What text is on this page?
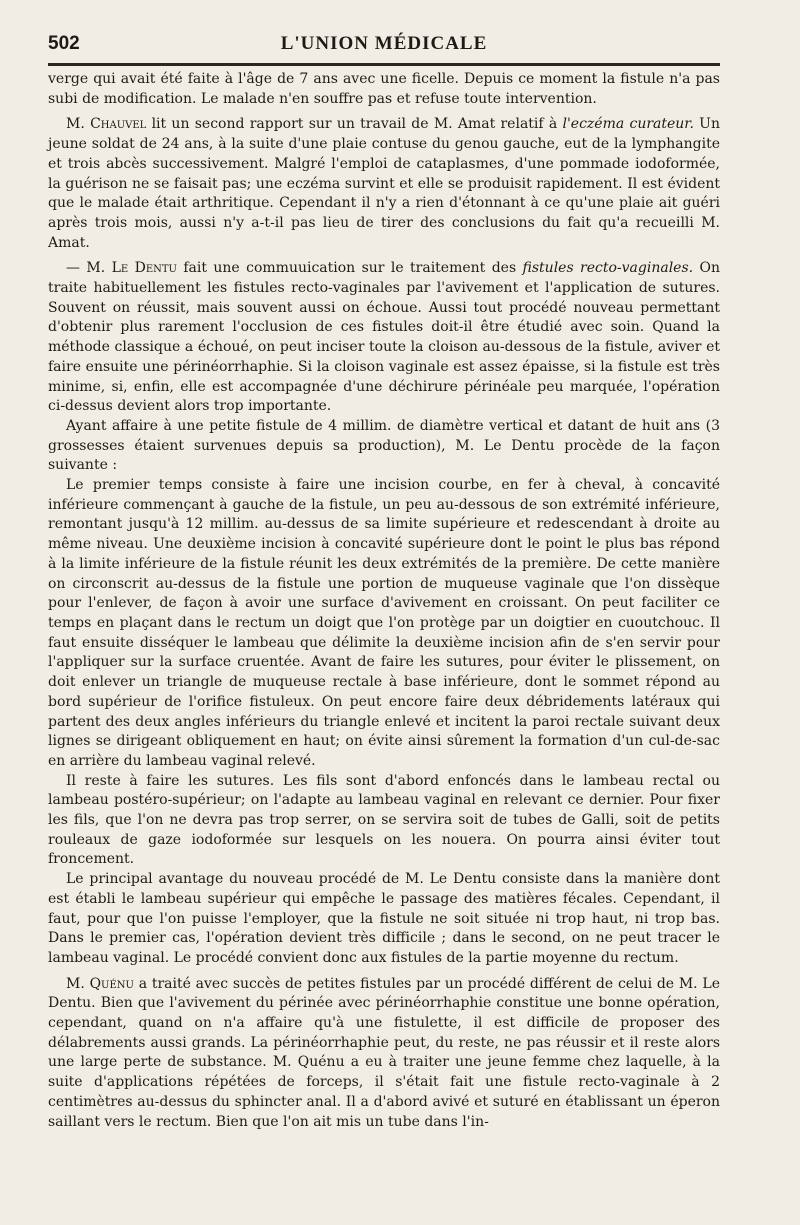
502	L'UNION MÉDICALE

verge qui avait été faite à l'âge de 7 ans avec une ficelle. Depuis ce moment la fistule n'a pas subi de modification. Le malade n'en souffre pas et refuse toute intervention.

M. Chauvel lit un second rapport sur un travail de M. Amat relatif à l'eczéma curateur. Un jeune soldat de 24 ans, à la suite d'une plaie contuse du genou gauche, eut de la lymphangite et trois abcès successivement. Malgré l'emploi de cataplasmes, d'une pommade iodoformée, la guérison ne se faisait pas; une eczéma survint et elle se produisit rapidement. Il est évident que le malade était arthritique. Cependant il n'y a rien d'étonnant à ce qu'une plaie ait guéri après trois mois, aussi n'y a-t-il pas lieu de tirer des conclusions du fait qu'a recueilli M. Amat.

— M. Le Dentu fait une commuuication sur le traitement des fistules recto-vaginales. On traite habituellement les fistules recto-vaginales par l'avivement et l'application de sutures. Souvent on réussit, mais souvent aussi on échoue. Aussi tout procédé nouveau permettant d'obtenir plus rarement l'occlusion de ces fistules doit-il être étudié avec soin. Quand la méthode classique a échoué, on peut inciser toute la cloison au-dessous de la fistule, aviver et faire ensuite une périnéorrhaphie. Si la cloison vaginale est assez épaisse, si la fistule est très minime, si, enfin, elle est accompagnée d'une déchirure périnéale peu marquée, l'opération ci-dessus devient alors trop importante.

Ayant affaire à une petite fistule de 4 millim. de diamètre vertical et datant de huit ans (3 grossesses étaient survenues depuis sa production), M. Le Dentu procède de la façon suivante :

Le premier temps consiste à faire une incision courbe, en fer à cheval, à concavité inférieure commençant à gauche de la fistule, un peu au-dessous de son extrémité inférieure, remontant jusqu'à 12 millim. au-dessus de sa limite supérieure et redescendant à droite au même niveau. Une deuxième incision à concavité supérieure dont le point le plus bas répond à la limite inférieure de la fistule réunit les deux extrémités de la première. De cette manière on circonscrit au-dessus de la fistule une portion de muqueuse vaginale que l'on dissèque pour l'enlever, de façon à avoir une surface d'avivement en croissant. On peut faciliter ce temps en plaçant dans le rectum un doigt que l'on protège par un doigtier en cuoutchouc. Il faut ensuite disséquer le lambeau que délimite la deuxième incision afin de s'en servir pour l'appliquer sur la surface cruentée. Avant de faire les sutures, pour éviter le plissement, on doit enlever un triangle de muqueuse rectale à base inférieure, dont le sommet répond au bord supérieur de l'orifice fistuleux. On peut encore faire deux débridements latéraux qui partent des deux angles inférieurs du triangle enlevé et incitent la paroi rectale suivant deux lignes se dirigeant obliquement en haut; on évite ainsi sûrement la formation d'un cul-de-sac en arrière du lambeau vaginal relevé.

Il reste à faire les sutures. Les fils sont d'abord enfoncés dans le lambeau rectal ou lambeau postéro-supérieur; on l'adapte au lambeau vaginal en relevant ce dernier. Pour fixer les fils, que l'on ne devra pas trop serrer, on se servira soit de tubes de Galli, soit de petits rouleaux de gaze iodoformée sur lesquels on les nouera. On pourra ainsi éviter tout froncement.

Le principal avantage du nouveau procédé de M. Le Dentu consiste dans la manière dont est établi le lambeau supérieur qui empêche le passage des matières fécales. Cependant, il faut, pour que l'on puisse l'employer, que la fistule ne soit située ni trop haut, ni trop bas. Dans le premier cas, l'opération devient très difficile ; dans le second, on ne peut tracer le lambeau vaginal. Le procédé convient donc aux fistules de la partie moyenne du rectum.

M. Quénu a traité avec succès de petites fistules par un procédé différent de celui de M. Le Dentu. Bien que l'avivement du périnée avec périnéorrhaphie constitue une bonne opération, cependant, quand on n'a affaire qu'à une fistulette, il est difficile de proposer des délabrements aussi grands. La périnéorrhaphie peut, du reste, ne pas réussir et il reste alors une large perte de substance. M. Quénu a eu à traiter une jeune femme chez laquelle, à la suite d'applications répétées de forceps, il s'était fait une fistule recto-vaginale à 2 centimètres au-dessus du sphincter anal. Il a d'abord avivé et suturé en établissant un éperon saillant vers le rectum. Bien que l'on ait mis un tube dans l'in-
